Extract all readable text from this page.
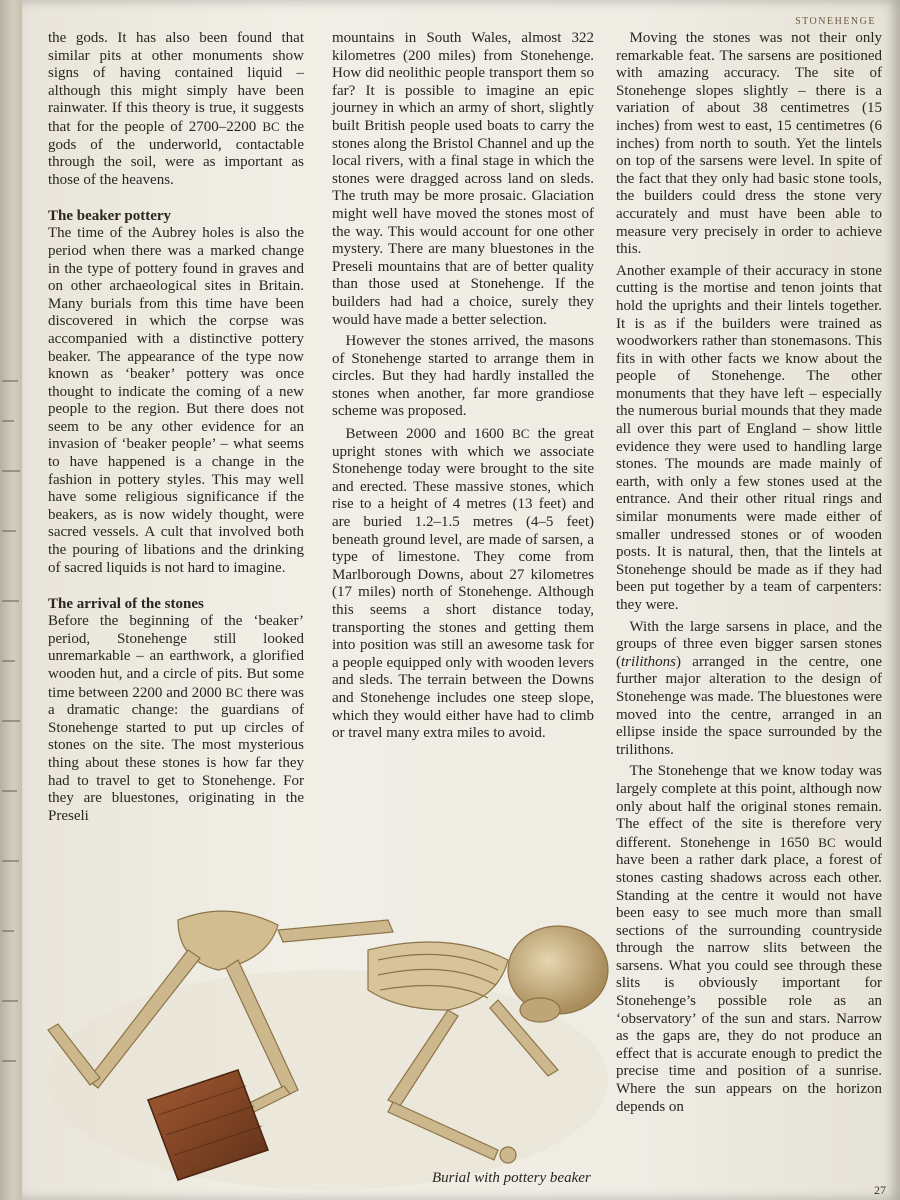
STONEHENGE

the gods. It has also been found that similar pits at other monuments show signs of having contained liquid – although this might simply have been rainwater. If this theory is true, it suggests that for the people of 2700–2200 BC the gods of the underworld, contactable through the soil, were as important as those of the heavens.

The beaker pottery

The time of the Aubrey holes is also the period when there was a marked change in the type of pottery found in graves and on other archaeological sites in Britain. Many burials from this time have been discovered in which the corpse was accompanied with a distinctive pottery beaker. The appearance of the type now known as ‘beaker’ pottery was once thought to indicate the coming of a new people to the region. But there does not seem to be any other evidence for an invasion of ‘beaker people’ – what seems to have happened is a change in the fashion in pottery styles. This may well have some religious significance if the beakers, as is now widely thought, were sacred vessels. A cult that involved both the pouring of libations and the drinking of sacred liquids is not hard to imagine.

The arrival of the stones

Before the beginning of the ‘beaker’ period, Stonehenge still looked unremarkable – an earthwork, a glorified wooden hut, and a circle of pits. But some time between 2200 and 2000 BC there was a dramatic change: the guardians of Stonehenge started to put up circles of stones on the site. The most mysterious thing about these stones is how far they had to travel to get to Stonehenge. For they are bluestones, originating in the Preseli

mountains in South Wales, almost 322 kilometres (200 miles) from Stonehenge. How did neolithic people transport them so far? It is possible to imagine an epic journey in which an army of short, slightly built British people used boats to carry the stones along the Bristol Channel and up the local rivers, with a final stage in which the stones were dragged across land on sleds. The truth may be more prosaic. Glaciation might well have moved the stones most of the way. This would account for one other mystery. There are many bluestones in the Preseli mountains that are of better quality than those used at Stonehenge. If the builders had had a choice, surely they would have made a better selection.

However the stones arrived, the masons of Stonehenge started to arrange them in circles. But they had hardly installed the stones when another, far more grandiose scheme was proposed.

Between 2000 and 1600 BC the great upright stones with which we associate Stonehenge today were brought to the site and erected. These massive stones, which rise to a height of 4 metres (13 feet) and are buried 1.2–1.5 metres (4–5 feet) beneath ground level, are made of sarsen, a type of limestone. They come from Marlborough Downs, about 27 kilometres (17 miles) north of Stonehenge. Although this seems a short distance today, transporting the stones and getting them into position was still an awesome task for a people equipped only with wooden levers and sleds. The terrain between the Downs and Stonehenge includes one steep slope, which they would either have had to climb or travel many extra miles to avoid.

Moving the stones was not their only remarkable feat. The sarsens are positioned with amazing accuracy. The site of Stonehenge slopes slightly – there is a variation of about 38 centimetres (15 inches) from west to east, 15 centimetres (6 inches) from north to south. Yet the lintels on top of the sarsens were level. In spite of the fact that they only had basic stone tools, the builders could dress the stone very accurately and must have been able to measure very precisely in order to achieve this.

Another example of their accuracy in stone cutting is the mortise and tenon joints that hold the uprights and their lintels together. It is as if the builders were trained as woodworkers rather than stonemasons. This fits in with other facts we know about the people of Stonehenge. The other monuments that they have left – especially the numerous burial mounds that they made all over this part of England – show little evidence they were used to handling large stones. The mounds are made mainly of earth, with only a few stones used at the entrance. And their other ritual rings and similar monuments were made either of smaller undressed stones or of wooden posts. It is natural, then, that the lintels at Stonehenge should be made as if they had been put together by a team of carpenters: they were.

With the large sarsens in place, and the groups of three even bigger sarsen stones (trilithons) arranged in the centre, one further major alteration to the design of Stonehenge was made. The bluestones were moved into the centre, arranged in an ellipse inside the space surrounded by the trilithons.

The Stonehenge that we know today was largely complete at this point, although now only about half the original stones remain. The effect of the site is therefore very different. Stonehenge in 1650 BC would have been a rather dark place, a forest of stones casting shadows across each other. Standing at the centre it would not have been easy to see much more than small sections of the surrounding countryside through the narrow slits between the sarsens. What you could see through these slits is obviously important for Stonehenge’s possible role as an ‘observatory’ of the sun and stars. Narrow as the gaps are, they do not produce an effect that is accurate enough to predict the precise time and position of a sunrise. Where the sun appears on the horizon depends on

Burial with pottery beaker
27
